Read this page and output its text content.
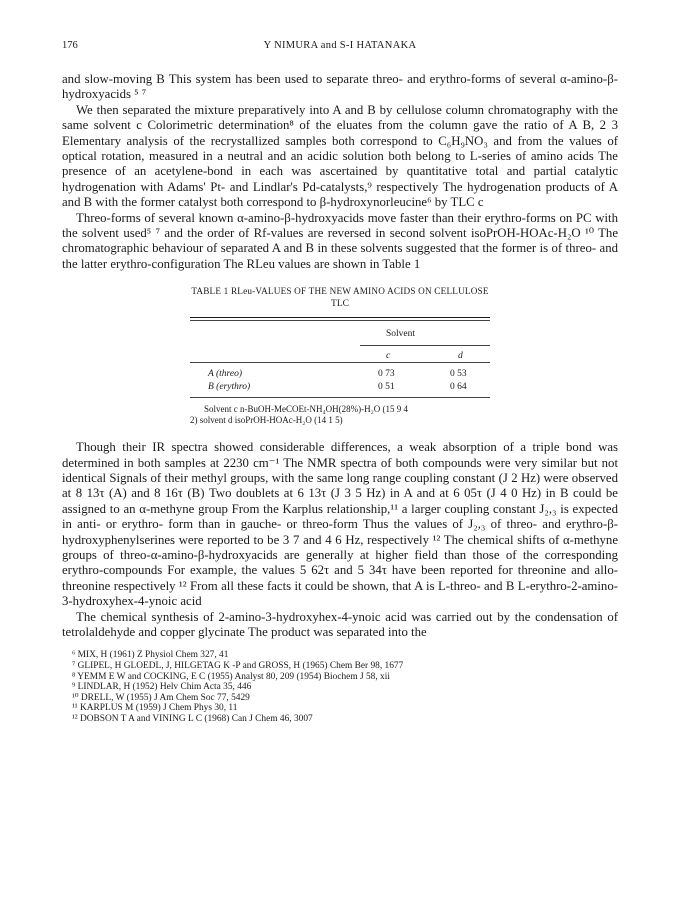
176	Y NIMURA and S-I HATANAKA

and slow-moving B This system has been used to separate threo- and erythro-forms of several α-amino-β-hydroxyacids ⁵ ⁷

We then separated the mixture preparatively into A and B by cellulose column chromatography with the same solvent c Colorimetric determination⁸ of the eluates from the column gave the ratio of A B, 2 3 Elementary analysis of the recrystallized samples both correspond to C₆H₉NO₃ and from the values of optical rotation, measured in a neutral and an acidic solution both belong to L-series of amino acids The presence of an acetylene-bond in each was ascertained by quantitative total and partial catalytic hydrogenation with Adams' Pt- and Lindlar's Pd-catalysts,⁹ respectively The hydrogenation products of A and B with the former catalyst both correspond to β-hydroxynorleucine⁶ by TLC c

Threo-forms of several known α-amino-β-hydroxyacids move faster than their erythro-forms on PC with the solvent used⁵ ⁷ and the order of Rf-values are reversed in second solvent isoPrOH-HOAc-H₂O ¹⁰ The chromatographic behaviour of separated A and B in these solvents suggested that the former is of threo- and the latter erythro-configuration The RLeu values are shown in Table 1

TABLE 1 RLeu-VALUES OF THE NEW AMINO ACIDS ON CELLULOSE
TLC
Solvent
c	d
A (threo)	0 73	0 53
B (erythro)	0 51	0 64
Solvent c n-BuOH-MeCOEt-NH₄OH(28%)-H₂O (15 9 4
2) solvent d isoPrOH-HOAc-H₂O (14 1 5)

Though their IR spectra showed considerable differences, a weak absorption of a triple bond was determined in both samples at 2230 cm⁻¹ The NMR spectra of both compounds were very similar but not identical Signals of their methyl groups, with the same long range coupling constant (J 2 Hz) were observed at 8 13τ (A) and 8 16τ (B) Two doublets at 6 13τ (J 3 5 Hz) in A and at 6 05τ (J 4 0 Hz) in B could be assigned to an α-methyne group From the Karplus relationship,¹¹ a larger coupling constant J₂,₃ is expected in anti- or erythro- form than in gauche- or threo-form Thus the values of J₂,₃ of threo- and erythro-β-hydroxyphenylserines were reported to be 3 7 and 4 6 Hz, respectively ¹² The chemical shifts of α-methyne groups of threo-α-amino-β-hydroxyacids are generally at higher field than those of the corresponding erythro-compounds For example, the values 5 62τ and 5 34τ have been reported for threonine and allo-threonine respectively ¹² From all these facts it could be shown, that A is L-threo- and B L-erythro-2-amino-3-hydroxyhex-4-ynoic acid

The chemical synthesis of 2-amino-3-hydroxyhex-4-ynoic acid was carried out by the condensation of tetrolaldehyde and copper glycinate The product was separated into the

⁶ MIX, H (1961) Z Physiol Chem 327, 41
⁷ GLIPEL, H GLOEDL, J, HILGETAG K -P and GROSS, H (1965) Chem Ber 98, 1677
⁸ YEMM E W and COCKING, E C (1955) Analyst 80, 209 (1954) Biochem J 58, xii
⁹ LINDLAR, H (1952) Helv Chim Acta 35, 446
¹⁰ DRELL, W (1955) J Am Chem Soc 77, 5429
¹¹ KARPLUS M (1959) J Chem Phys 30, 11
¹² DOBSON T A and VINING L C (1968) Can J Chem 46, 3007
